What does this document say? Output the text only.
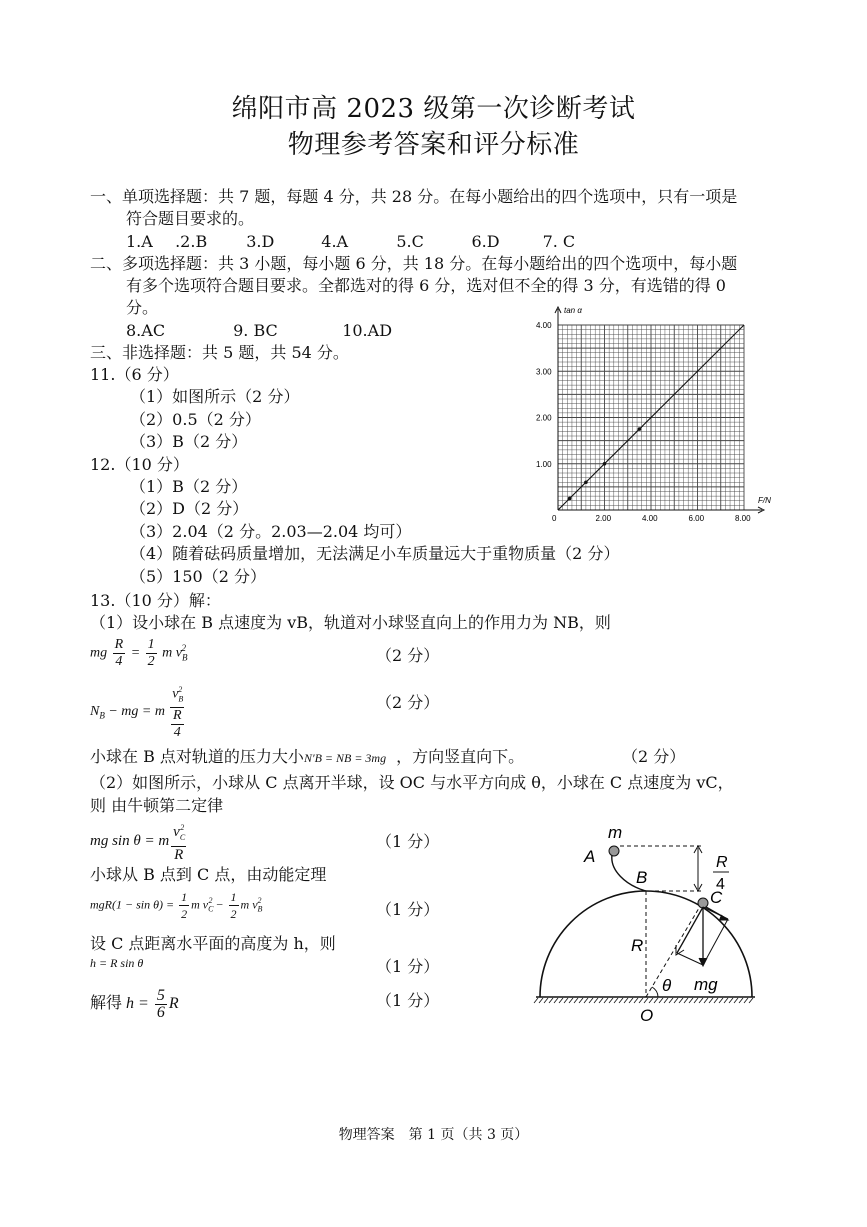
绵阳市高 2023 级第一次诊断考试
物理参考答案和评分标准
一、单项选择题：共 7 题，每题 4 分，共 28 分。在每小题给出的四个选项中，只有一项是
符合题目要求的。
1.A .2.B 3.D	4.A	5.C	6.D	7. C
二、多项选择题：共 3 小题，每小题 6 分，共 18 分。在每小题给出的四个选项中，每小题
有多个选项符合题目要求。全都选对的得 6 分，选对但不全的得 3 分，有选错的得 0
分。
8.AC	9. BC	10.AD
三、非选择题：共 5 题，共 54 分。
11.（6 分）
（1）如图所示（2 分）
（2）0.5（2 分）
（3）B（2 分）
12.（10 分）
（1）B（2 分）
（2）D（2 分）
（3）2.04（2 分。2.03—2.04 均可）
（4）随着砝码质量增加，无法满足小车质量远大于重物质量（2 分）
（5）150（2 分）
0	2.00	4.00	6.00	8.00
1.00
2.00
3.00
4.00
tan α
F/N
13.（10 分）解：
（1）设小球在 B 点速度为 vB，轨道对小球竖直向上的作用力为 NB，则
mg $\frac{R}{4} = \frac{1}{2}$ m $v_B^2$	（2 分）
$N_B$ − mg = m $\frac{v_B^2}{\frac{R}{4}}$	（2 分）
小球在 B 点对轨道的压力大小N′B = NB = 3mg ，方向竖直向下。	（2 分）
（2）如图所示，小球从 C 点离开半球，设 OC 与水平方向成 θ，小球在 C 点速度为 vC，
则 由牛顿第二定律
mg sin θ = m $\frac{v_C^2}{R}$	（1 分）
小球从 B 点到 C 点，由动能定理
$mgR(1 - \sin \theta) = \frac{1}{2}$ m $v_C^2 - \frac{1}{2}$ m $v_B^2$	（1 分）
设 C 点距离水平面的高度为 h，则
h = R sin θ	（1 分）
解得 $h = \frac{5}{6}$ R	（1 分）
m
A
B
C
R
θ mg
O
R
4
物理答案　第 1 页（共 3 页）
